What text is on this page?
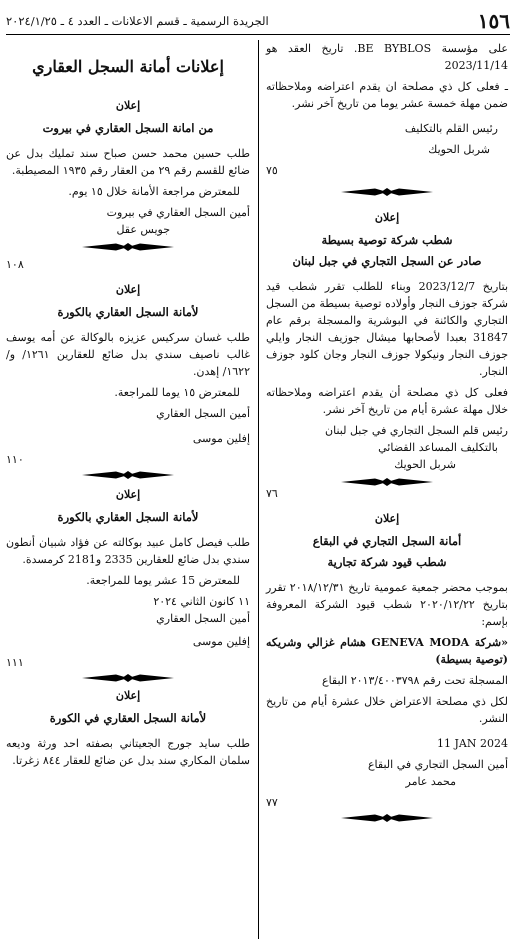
١٥٦
الجريدة الرسمية ـ قسم الاعلانات ـ العدد ٤ ـ ٢٠٢٤/١/٢٥

على مؤسسة BE BYBLOS. تاريخ العقد هو 2023/11/14

ـ فعلى كل ذي مصلحة ان يقدم اعتراضه وملاحظاته ضمن مهلة خمسة عشر يوما من تاريخ آخر نشر.

رئيس القلم بالتكليف

شربل الحويك

٧٥
إعلان
شطب شركة توصية بسيطة
صادر عن السجل التجاري في جبل لبنان

بتاريخ 2023/12/7 وبناء للطلب تقرر شطب قيد شركة جوزف النجار وأولاده توصية بسيطة من السجل التجاري والكائنة في البوشرية والمسجلة برقم عام 31847 بعبدا لأصحابها ميشال جوزيف النجار وايلي جوزف النجار ونيكولا جوزف النجار وجان كلود جوزف النجار.

فعلى كل ذي مصلحة أن يقدم اعتراضه وملاحظاته خلال مهلة عشرة أيام من تاريخ آخر نشر.

رئيس قلم السجل التجاري في جبل لبنان

بالتكليف المساعد القضائي

شربل الحويك

٧٦
إعلان
أمانة السجل التجاري في البقاع
شطب قيود شركة تجارية

بموجب محضر جمعية عمومية تاريخ ٢٠١٨/١٢/٣١ تقرر بتاريخ ٢٠٢٠/١٢/٢٢ شطب قيود الشركة المعروفة بإسم:

«شركة GENEVA MODA هشام غزالي وشريكه (توصية بسيطة)

المسجلة تحت رقم ٢٠١٣/٤٠٠٣٧٩٨ البقاع

لكل ذي مصلحة الاعتراض خلال عشرة أيام من تاريخ النشر.

11 JAN 2024

أمين السجل التجاري في البقاع

محمد عامر

٧٧
إعلانات أمانة السجل العقاري
إعلان
من امانة السجل العقاري في بيروت

طلب حسين محمد حسن صباح سند تمليك بدل عن ضائع للقسم رقم ٢٩ من العقار رقم ١٩٣٥ المصيطبة.

للمعترض مراجعة الأمانة خلال ١٥ يوم.

أمين السجل العقاري في بيروت

جويس عقل

١٠٨
إعلان
لأمانة السجل العقاري بالكورة

طلب غسان سركيس عزيزه بالوكالة عن أمه يوسف غالب ناصيف سندي بدل ضائع للعقارين ١٢٦١/ و/١٦٢٢/ إهدن.

للمعترض ١٥ يوما للمراجعة.

أمين السجل العقاري

إفلين موسى

١١٠
إعلان
لأمانة السجل العقاري بالكورة

طلب فيصل كامل عبيد بوكالته عن فؤاد شبيان أنطون سندي بدل ضائع للعقارين 2335 و2181 كرمسدة.

للمعترض 15 عشر يوما للمراجعة.

١١ كانون الثاني ٢٠٢٤

أمين السجل العقاري

إفلين موسى

١١١
إعلان
لأمانة السجل العقاري في الكورة

طلب سايد جورج الجعيتاني بصفته احد ورثة وديعه سلمان المكاري سند بدل عن ضائع للعقار ٨٤٤ زغرتا.
